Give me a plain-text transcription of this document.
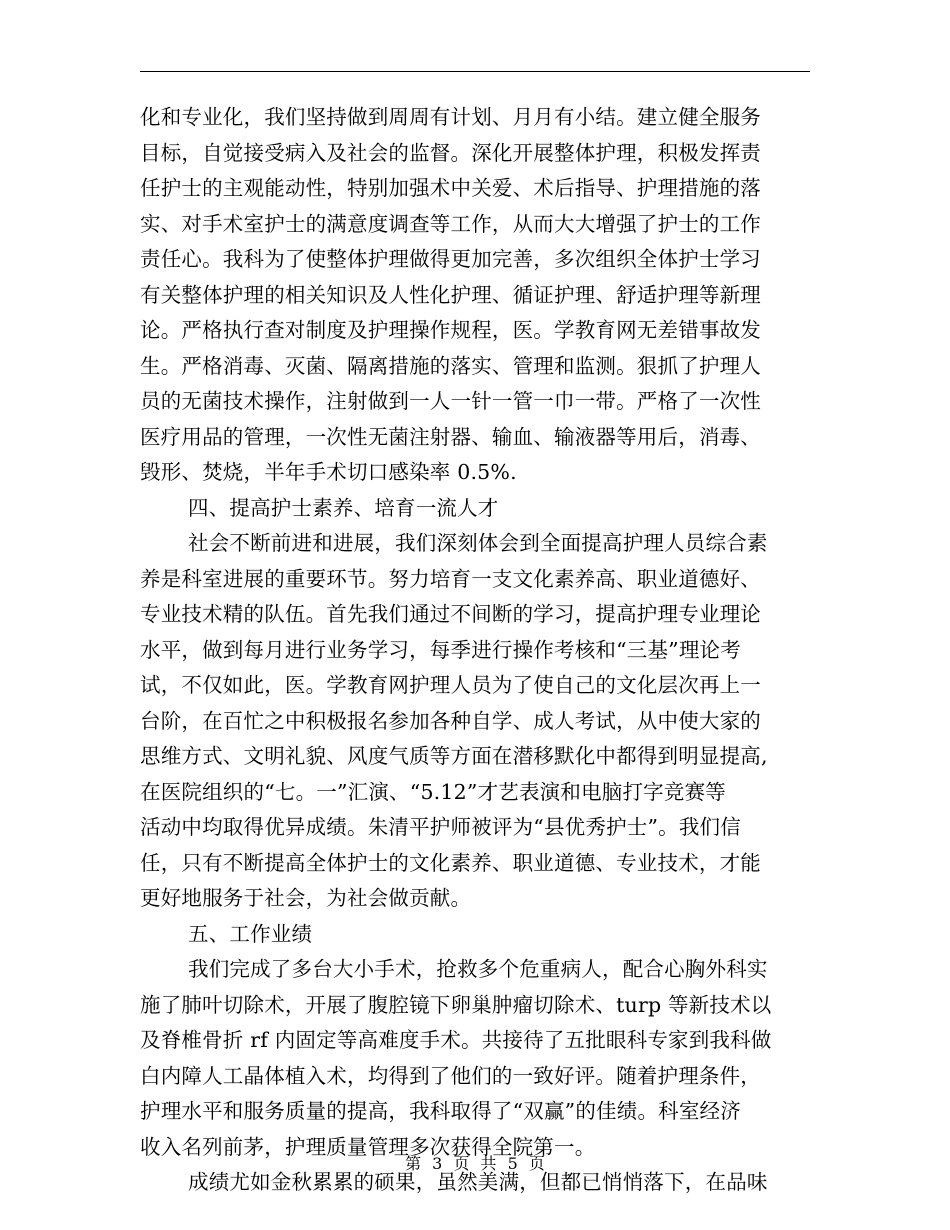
化和专业化，我们坚持做到周周有计划、月月有小结。建立健全服务
目标，自觉接受病入及社会的监督。深化开展整体护理，积极发挥责
任护士的主观能动性，特别加强术中关爱、术后指导、护理措施的落
实、对手术室护士的满意度调查等工作，从而大大增强了护士的工作
责任心。我科为了使整体护理做得更加完善，多次组织全体护士学习
有关整体护理的相关知识及人性化护理、循证护理、舒适护理等新理
论。严格执行查对制度及护理操作规程，医。学教育网无差错事故发
生。严格消毒、灭菌、隔离措施的落实、管理和监测。狠抓了护理人
员的无菌技术操作，注射做到一人一针一管一巾一带。严格了一次性
医疗用品的管理，一次性无菌注射器、输血、输液器等用后，消毒、
毁形、焚烧，半年手术切口感染率 0.5%.
四、提高护士素养、培育一流人才
社会不断前进和进展，我们深刻体会到全面提高护理人员综合素
养是科室进展的重要环节。努力培育一支文化素养高、职业道德好、
专业技术精的队伍。首先我们通过不间断的学习，提高护理专业理论
水平，做到每月进行业务学习，每季进行操作考核和“三基”理论考
试，不仅如此，医。学教育网护理人员为了使自己的文化层次再上一
台阶，在百忙之中积极报名参加各种自学、成人考试，从中使大家的
思维方式、文明礼貌、风度气质等方面在潜移默化中都得到明显提高,
在医院组织的“七。一”汇演、“5.12”才艺表演和电脑打字竞赛等
活动中均取得优异成绩。朱清平护师被评为“县优秀护士”。我们信
任，只有不断提高全体护士的文化素养、职业道德、专业技术，才能
更好地服务于社会，为社会做贡献。
五、工作业绩
我们完成了多台大小手术，抢救多个危重病人，配合心胸外科实
施了肺叶切除术，开展了腹腔镜下卵巢肿瘤切除术、turp 等新技术以
及脊椎骨折 rf 内固定等高难度手术。共接待了五批眼科专家到我科做
白内障人工晶体植入术，均得到了他们的一致好评。随着护理条件，
护理水平和服务质量的提高，我科取得了“双赢”的佳绩。科室经济
收入名列前茅，护理质量管理多次获得全院第一。
成绩尤如金秋累累的硕果，虽然美满，但都已悄悄落下，在品味
第 3 页 共 5 页
